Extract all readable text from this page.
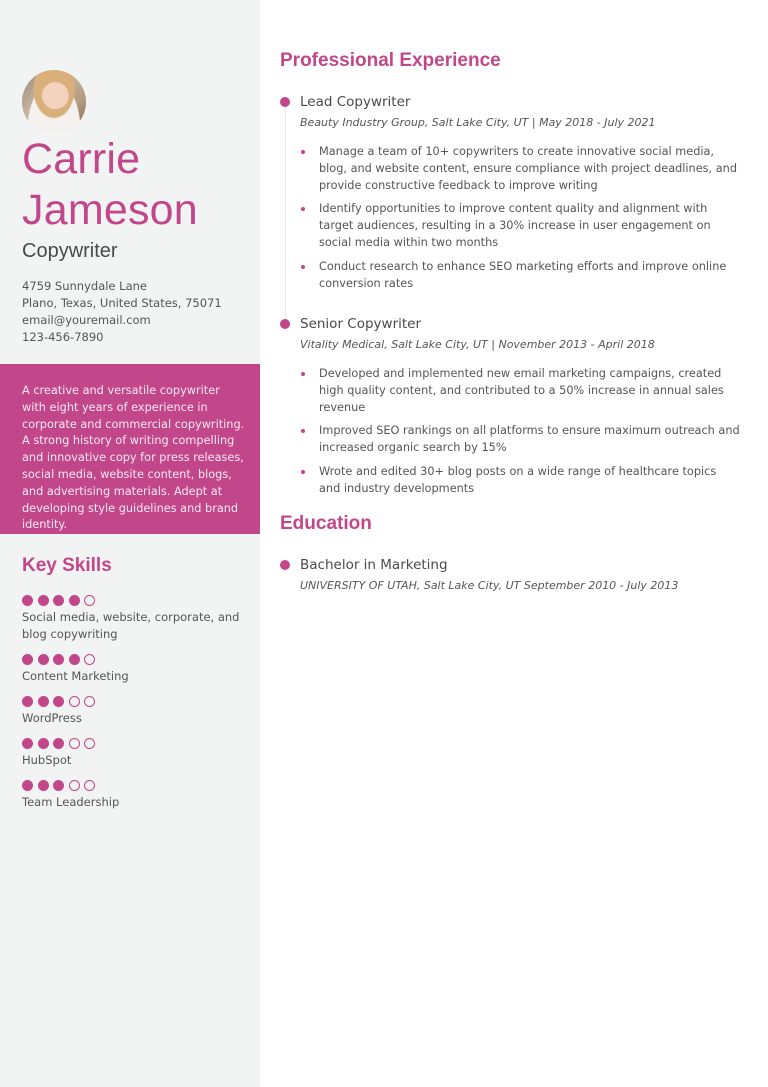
Carrie
Jameson
Copywriter
4759 Sunnydale Lane
Plano, Texas, United States, 75071
email@youremail.com
123-456-7890

A creative and versatile copywriter with eight years of experience in corporate and commercial copywriting. A strong history of writing compelling and innovative copy for press releases, social media, website content, blogs, and advertising materials. Adept at developing style guidelines and brand identity.

Key Skills
Social media, website, corporate, and blog copywriting
Content Marketing
WordPress
HubSpot
Team Leadership
Professional Experience
Lead Copywriter
Beauty Industry Group, Salt Lake City, UT | May 2018 - July 2021
Manage a team of 10+ copywriters to create innovative social media, blog, and website content, ensure compliance with project deadlines, and provide constructive feedback to improve writing
Identify opportunities to improve content quality and alignment with target audiences, resulting in a 30% increase in user engagement on social media within two months
Conduct research to enhance SEO marketing efforts and improve online conversion rates
Senior Copywriter
Vitality Medical, Salt Lake City, UT | November 2013 - April 2018
Developed and implemented new email marketing campaigns, created high quality content, and contributed to a 50% increase in annual sales revenue
Improved SEO rankings on all platforms to ensure maximum outreach and increased organic search by 15%
Wrote and edited 30+ blog posts on a wide range of healthcare topics and industry developments
Education
Bachelor in Marketing
UNIVERSITY OF UTAH, Salt Lake City, UT September 2010 - July 2013
